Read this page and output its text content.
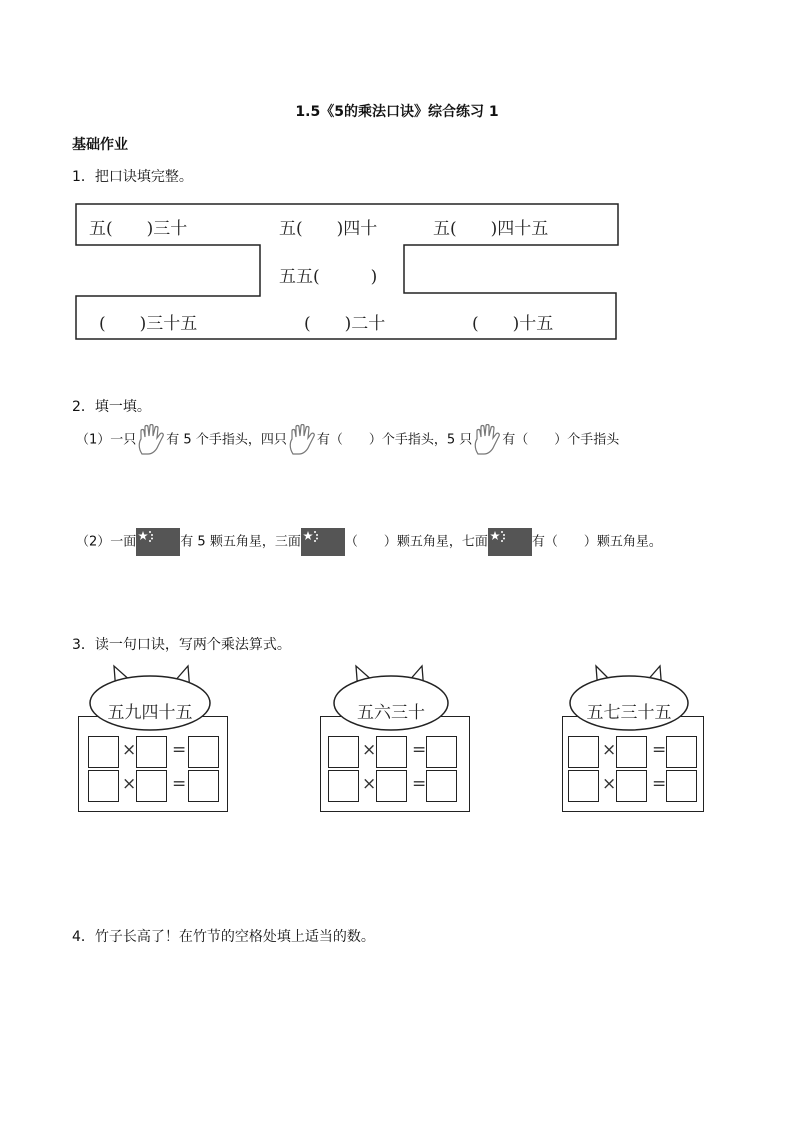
1.5《5的乘法口诀》综合练习 1
基础作业
1．把口诀填完整。
五(　　)三十	五(　　)四十	五(　　)四十五
五五(　　　)
(　　)三十五	(　　)二十	(　　)十五
2．填一填。
（1）一只 有 5 个手指头，四只 有（　　）个手指头，5 只 有（　　）个手指头
（2）一面	有 5 颗五角星，三面	（　　）颗五角星，七面	有（　　）颗五角星。
3．读一句口诀，写两个乘法算式。
五九四十五
× =
× =
五六三十
× =
× =
五七三十五
× =
× =
4．竹子长高了！在竹节的空格处填上适当的数。
